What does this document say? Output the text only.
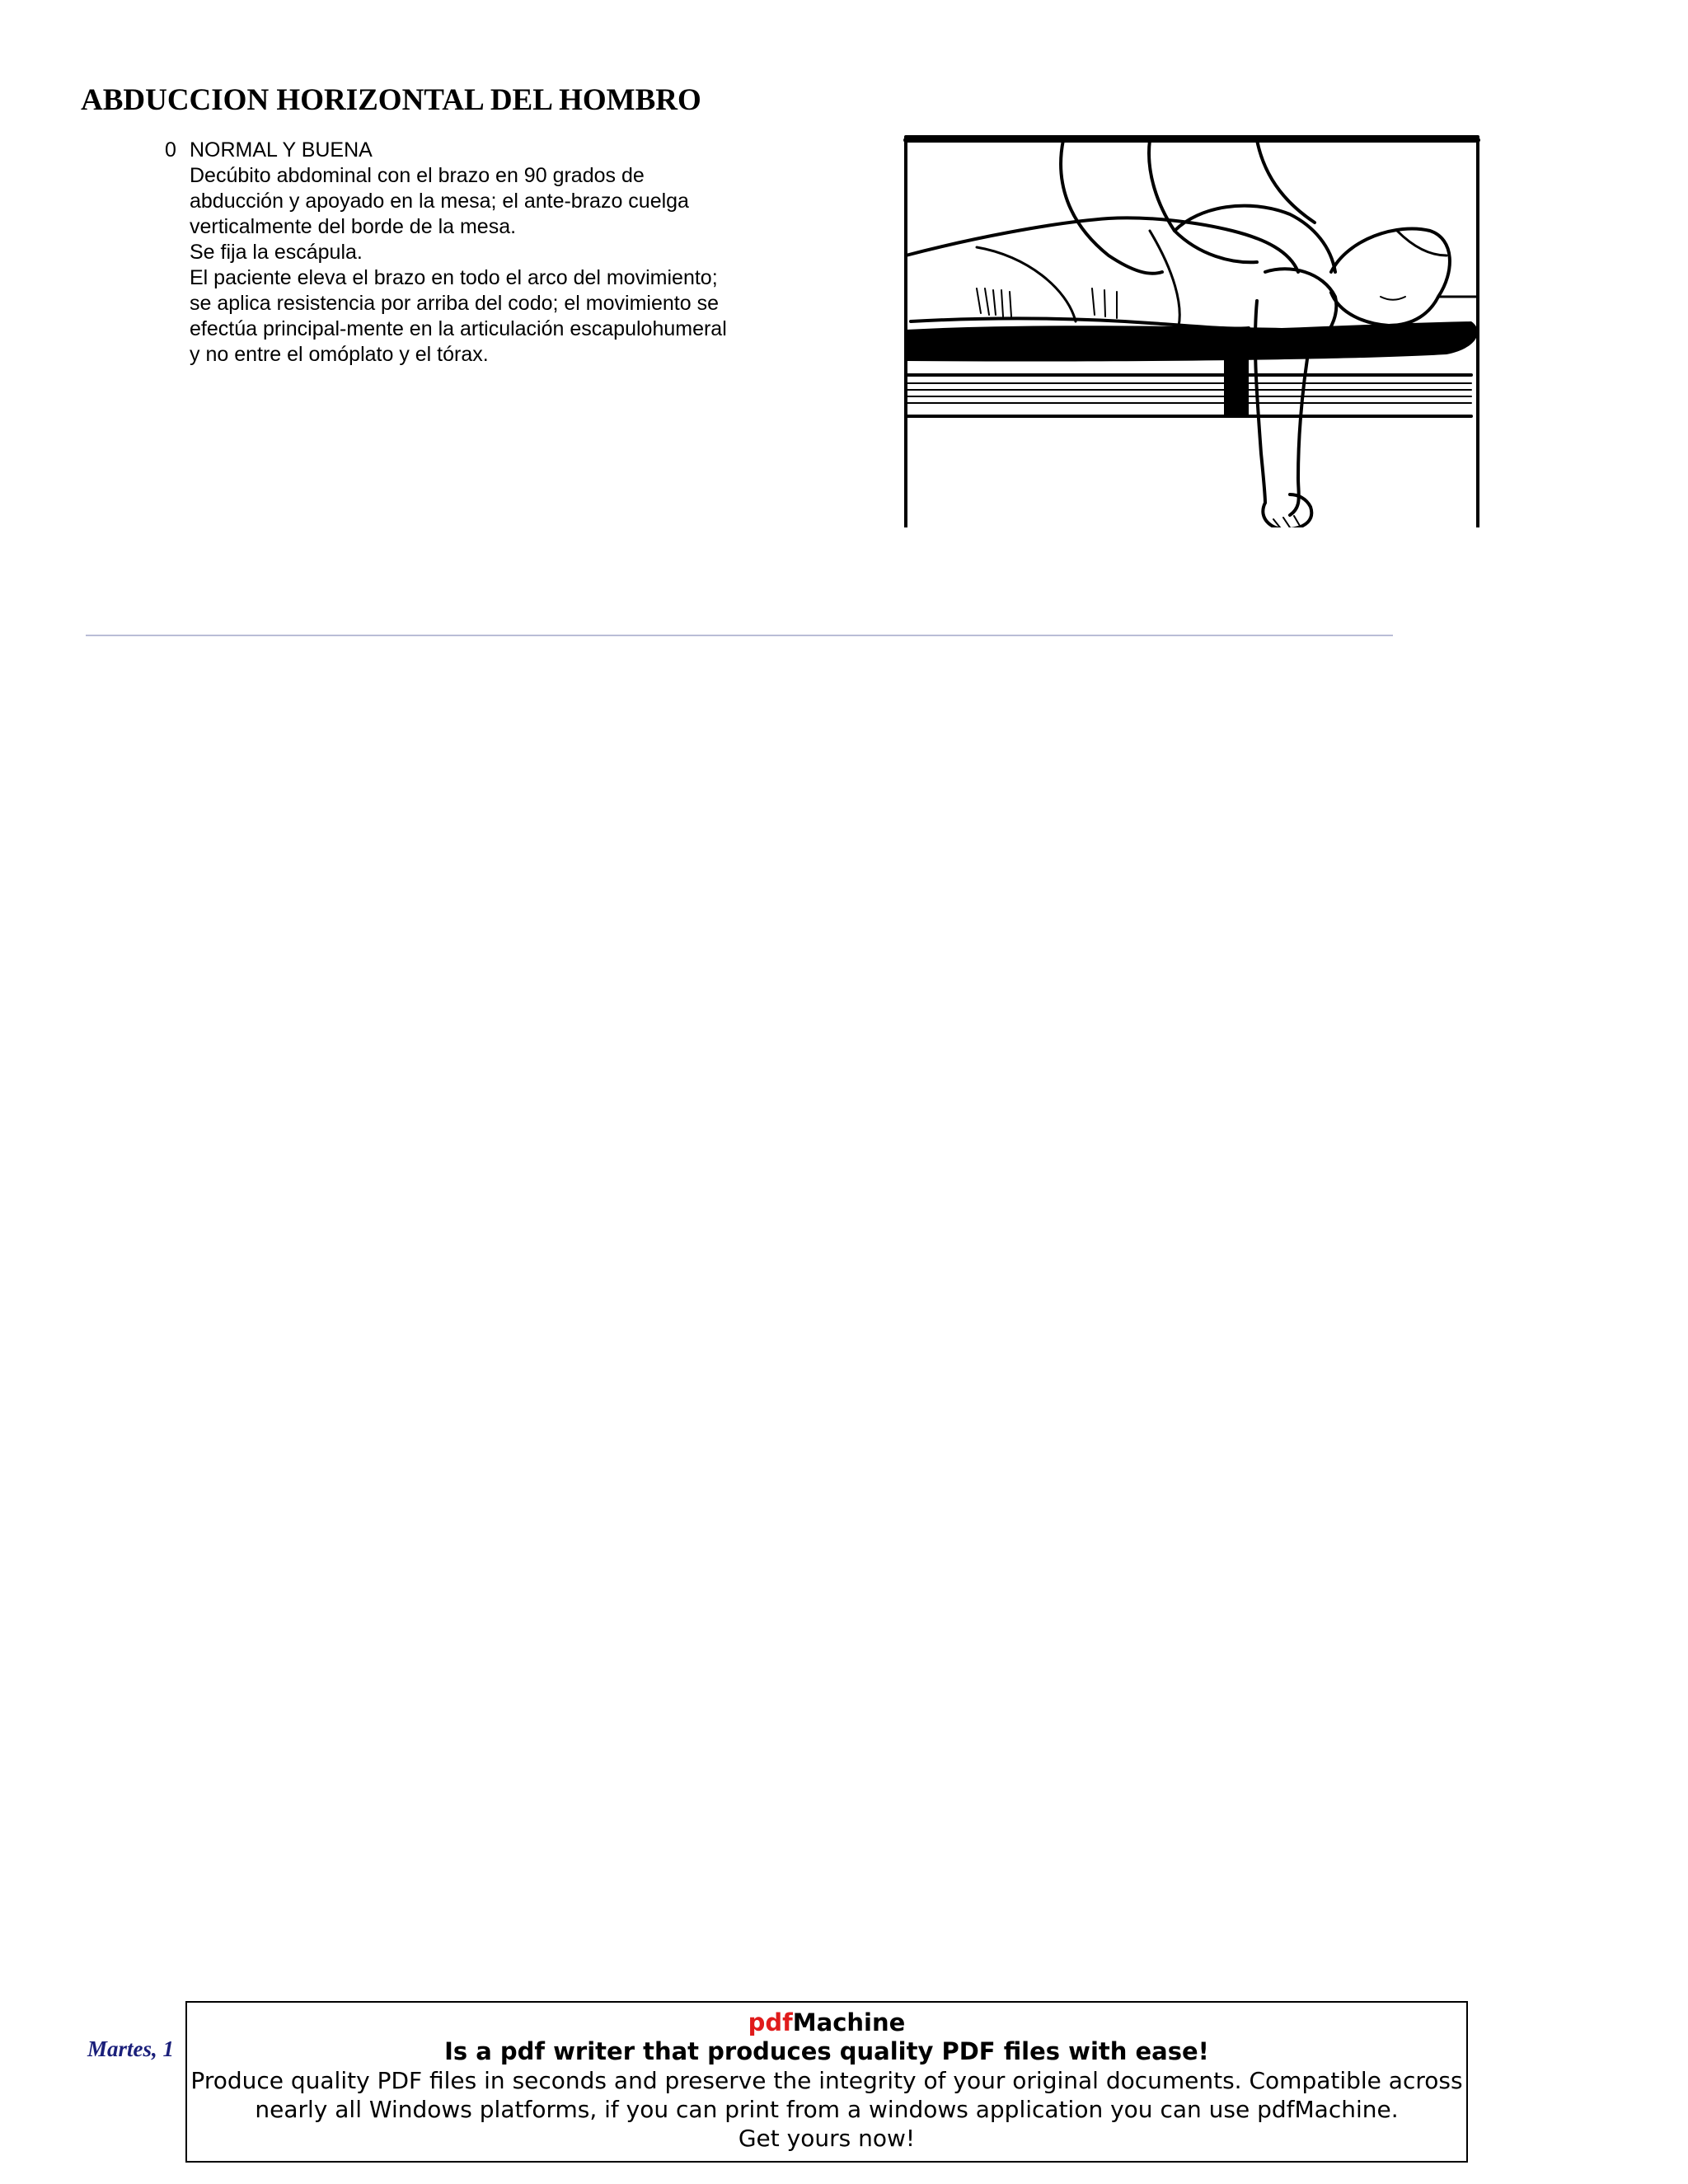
ABDUCCION HORIZONTAL DEL HOMBRO
0 NORMAL Y BUENA
Decúbito abdominal con el brazo en 90 grados de
abducción y apoyado en la mesa; el ante-brazo cuelga
verticalmente del borde de la mesa.
Se fija la escápula.
El paciente eleva el brazo en todo el arco del movimiento;
se aplica resistencia por arriba del codo; el movimiento se
efectúa principal-mente en la articulación escapulohumeral
y no entre el omóplato y el tórax.
Martes, 1
pdfMachine
Is a pdf writer that produces quality PDF files with ease!
Produce quality PDF files in seconds and preserve the integrity of your original documents. Compatible across
nearly all Windows platforms, if you can print from a windows application you can use pdfMachine.
Get yours now!
